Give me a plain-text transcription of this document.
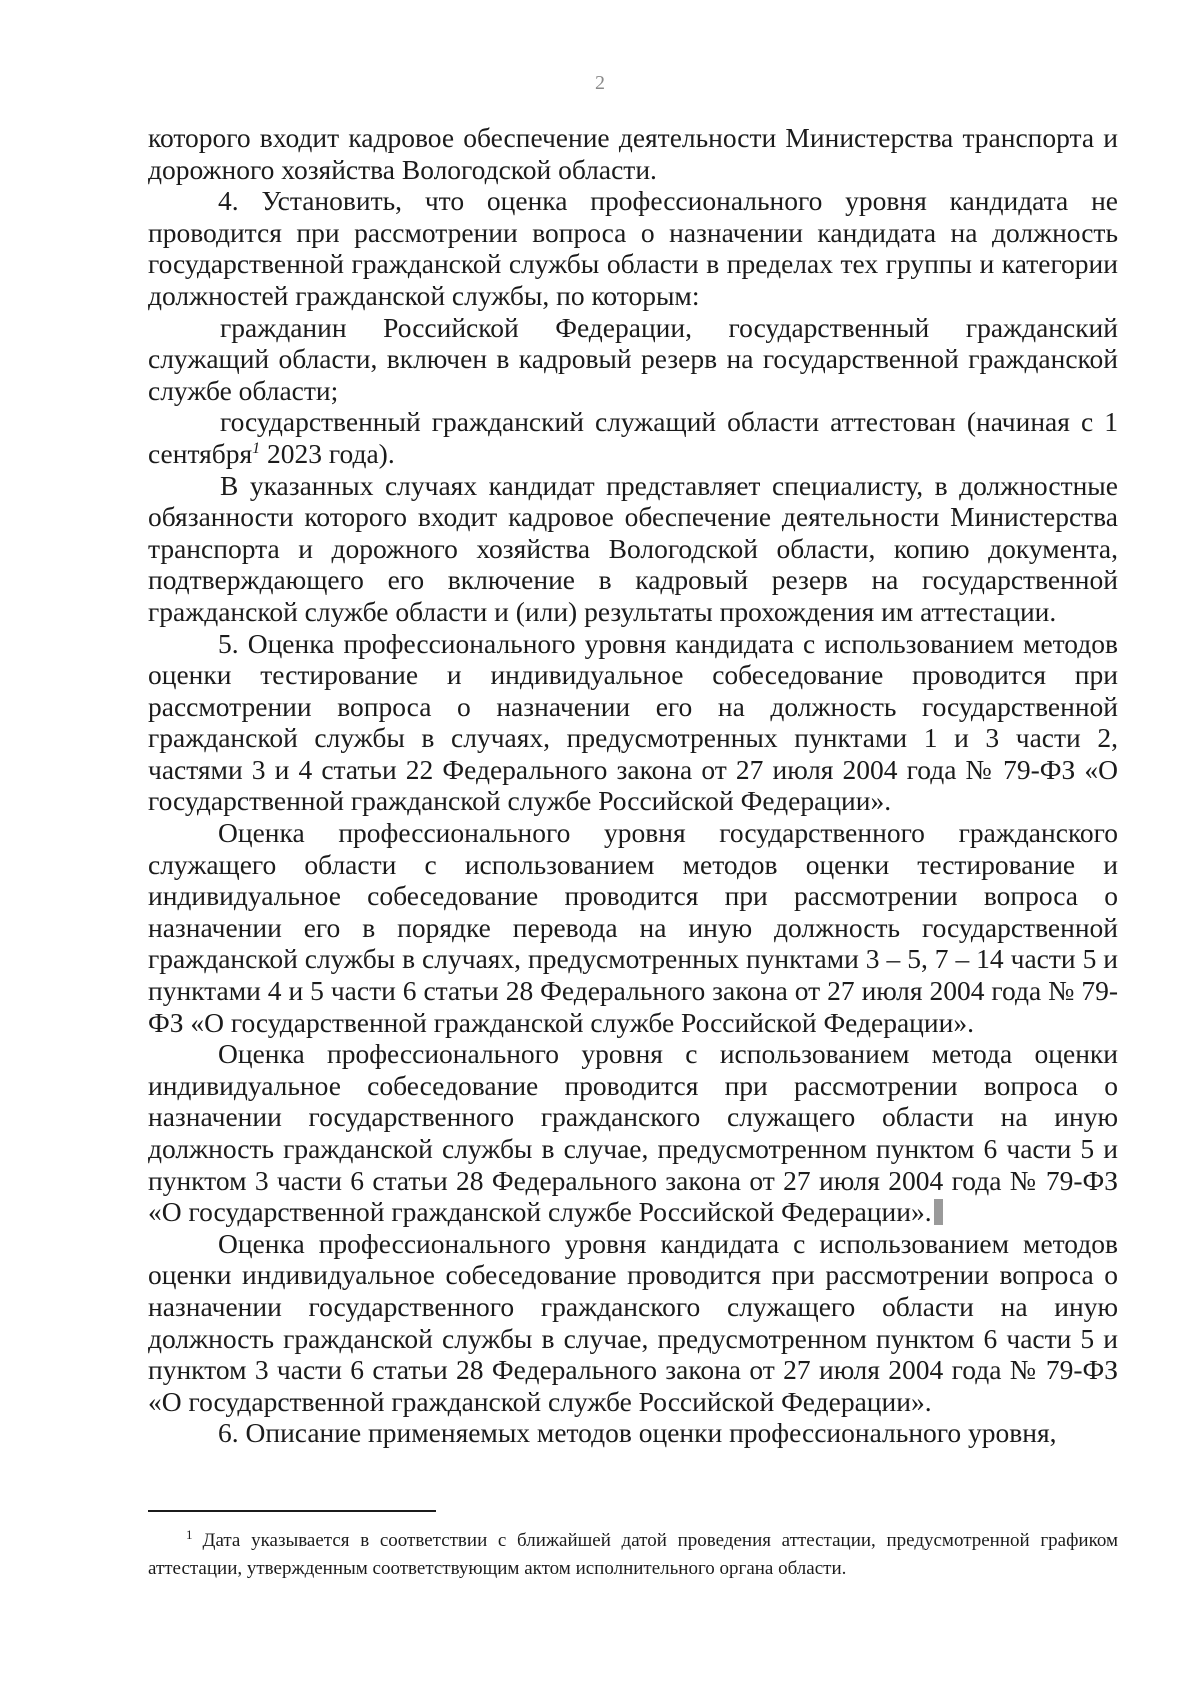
2

которого входит кадровое обеспечение деятельности Министерства транспорта и дорожного хозяйства Вологодской области.

4. Установить, что оценка профессионального уровня кандидата не проводится при рассмотрении вопроса о назначении кандидата на должность государственной гражданской службы области в пределах тех группы и категории должностей гражданской службы, по которым:

гражданин Российской Федерации, государственный гражданский служащий области, включен в кадровый резерв на государственной гражданской службе области;

государственный гражданский служащий области аттестован (начиная с 1 сентября$^1$ 2023 года).

В указанных случаях кандидат представляет специалисту, в должностные обязанности которого входит кадровое обеспечение деятельности Министерства транспорта и дорожного хозяйства Вологодской области, копию документа, подтверждающего его включение в кадровый резерв на государственной гражданской службе области и (или) результаты прохождения им аттестации.

5. Оценка профессионального уровня кандидата с использованием методов оценки тестирование и индивидуальное собеседование проводится при рассмотрении вопроса о назначении его на должность государственной гражданской службы в случаях, предусмотренных пунктами 1 и 3 части 2, частями 3 и 4 статьи 22 Федерального закона от 27 июля 2004 года № 79-ФЗ «О государственной гражданской службе Российской Федерации».

Оценка профессионального уровня государственного гражданского служащего области с использованием методов оценки тестирование и индивидуальное собеседование проводится при рассмотрении вопроса о назначении его в порядке перевода на иную должность государственной гражданской службы в случаях, предусмотренных пунктами 3 – 5, 7 – 14 части 5 и пунктами 4 и 5 части 6 статьи 28 Федерального закона от 27 июля 2004 года № 79-ФЗ «О государственной гражданской службе Российской Федерации».

Оценка профессионального уровня с использованием метода оценки индивидуальное собеседование проводится при рассмотрении вопроса о назначении государственного гражданского служащего области на иную должность гражданской службы в случае, предусмотренном пунктом 6 части 5 и пунктом 3 части 6 статьи 28 Федерального закона от 27 июля 2004 года № 79-ФЗ «О государственной гражданской службе Российской Федерации».

Оценка профессионального уровня кандидата с использованием методов оценки индивидуальное собеседование проводится при рассмотрении вопроса о назначении государственного гражданского служащего области на иную должность гражданской службы в случае, предусмотренном пунктом 6 части 5 и пунктом 3 части 6 статьи 28 Федерального закона от 27 июля 2004 года № 79-ФЗ «О государственной гражданской службе Российской Федерации».

6. Описание применяемых методов оценки профессионального уровня,

$^1$ Дата указывается в соответствии с ближайшей датой проведения аттестации, предусмотренной графиком аттестации, утвержденным соответствующим актом исполнительного органа области.
